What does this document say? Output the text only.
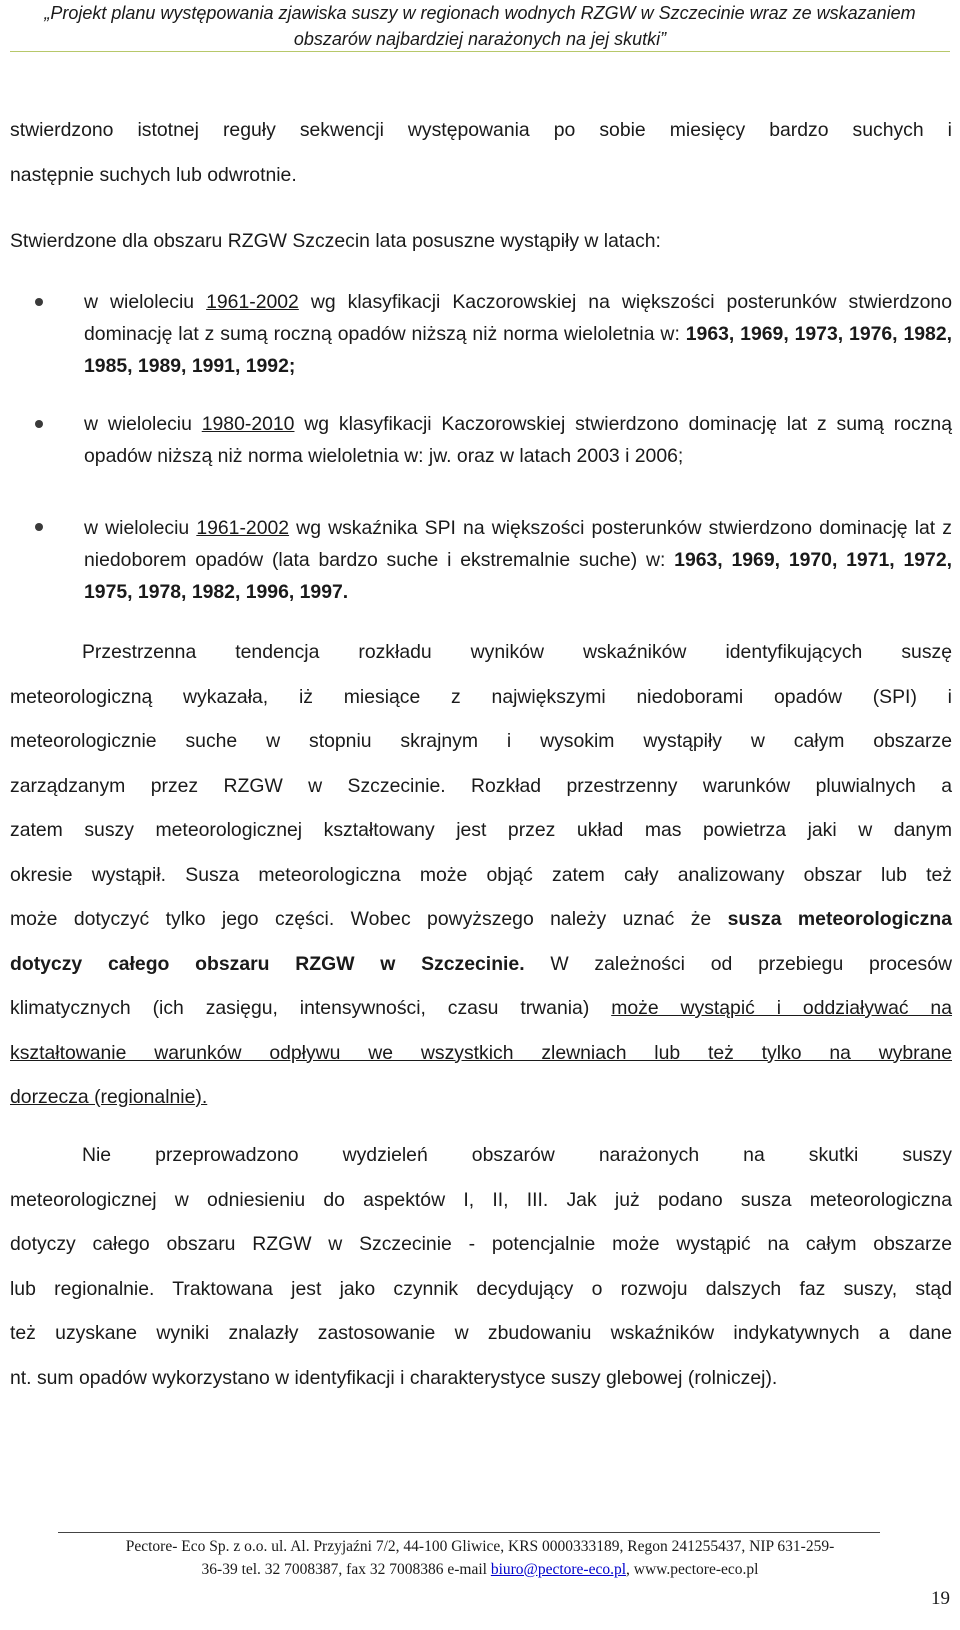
„Projekt planu występowania zjawiska suszy w regionach wodnych RZGW w Szczecinie wraz ze wskazaniem
obszarów najbardziej narażonych na jej skutki”
stwierdzono istotnej reguły sekwencji występowania po sobie miesięcy bardzo suchych i
następnie suchych lub odwrotnie.
Stwierdzone dla obszaru RZGW Szczecin lata posuszne wystąpiły w latach:
w wieloleciu 1961-2002 wg klasyfikacji Kaczorowskiej na większości posterunków stwierdzono dominację lat z sumą roczną opadów niższą niż norma wieloletnia w: 1963, 1969, 1973, 1976, 1982, 1985, 1989, 1991, 1992;
w wieloleciu 1980-2010 wg klasyfikacji Kaczorowskiej stwierdzono dominację lat z sumą roczną opadów niższą niż norma wieloletnia w: jw. oraz w latach 2003 i 2006;
w wieloleciu 1961-2002 wg wskaźnika SPI na większości posterunków stwierdzono dominację lat z niedoborem opadów (lata bardzo suche i ekstremalnie suche) w: 1963, 1969, 1970, 1971, 1972, 1975, 1978, 1982, 1996, 1997.
Przestrzenna tendencja rozkładu wyników wskaźników identyfikujących suszę
meteorologiczną wykazała, iż miesiące z największymi niedoborami opadów (SPI) i
meteorologicznie suche w stopniu skrajnym i wysokim wystąpiły w całym obszarze
zarządzanym przez RZGW w Szczecinie. Rozkład przestrzenny warunków pluwialnych a
zatem suszy meteorologicznej kształtowany jest przez układ mas powietrza jaki w danym
okresie wystąpił. Susza meteorologiczna może objąć zatem cały analizowany obszar lub też
może dotyczyć tylko jego części. Wobec powyższego należy uznać że susza meteorologiczna
dotyczy całego obszaru RZGW w Szczecinie. W zależności od przebiegu procesów
klimatycznych (ich zasięgu, intensywności, czasu trwania) może wystąpić i oddziaływać na
kształtowanie warunków odpływu we wszystkich zlewniach lub też tylko na wybrane
dorzecza (regionalnie).
Nie przeprowadzono wydzieleń obszarów narażonych na skutki suszy
meteorologicznej w odniesieniu do aspektów I, II, III. Jak już podano susza meteorologiczna
dotyczy całego obszaru RZGW w Szczecinie - potencjalnie może wystąpić na całym obszarze
lub regionalnie. Traktowana jest jako czynnik decydujący o rozwoju dalszych faz suszy, stąd
też uzyskane wyniki znalazły zastosowanie w zbudowaniu wskaźników indykatywnych a dane
nt. sum opadów wykorzystano w identyfikacji i charakterystyce suszy glebowej (rolniczej).
Pectore- Eco Sp. z o.o. ul. Al. Przyjaźni 7/2, 44-100 Gliwice, KRS 0000333189, Regon 241255437, NIP 631-259-
36-39 tel. 32 7008387, fax 32 7008386 e-mail biuro@pectore-eco.pl, www.pectore-eco.pl
19
